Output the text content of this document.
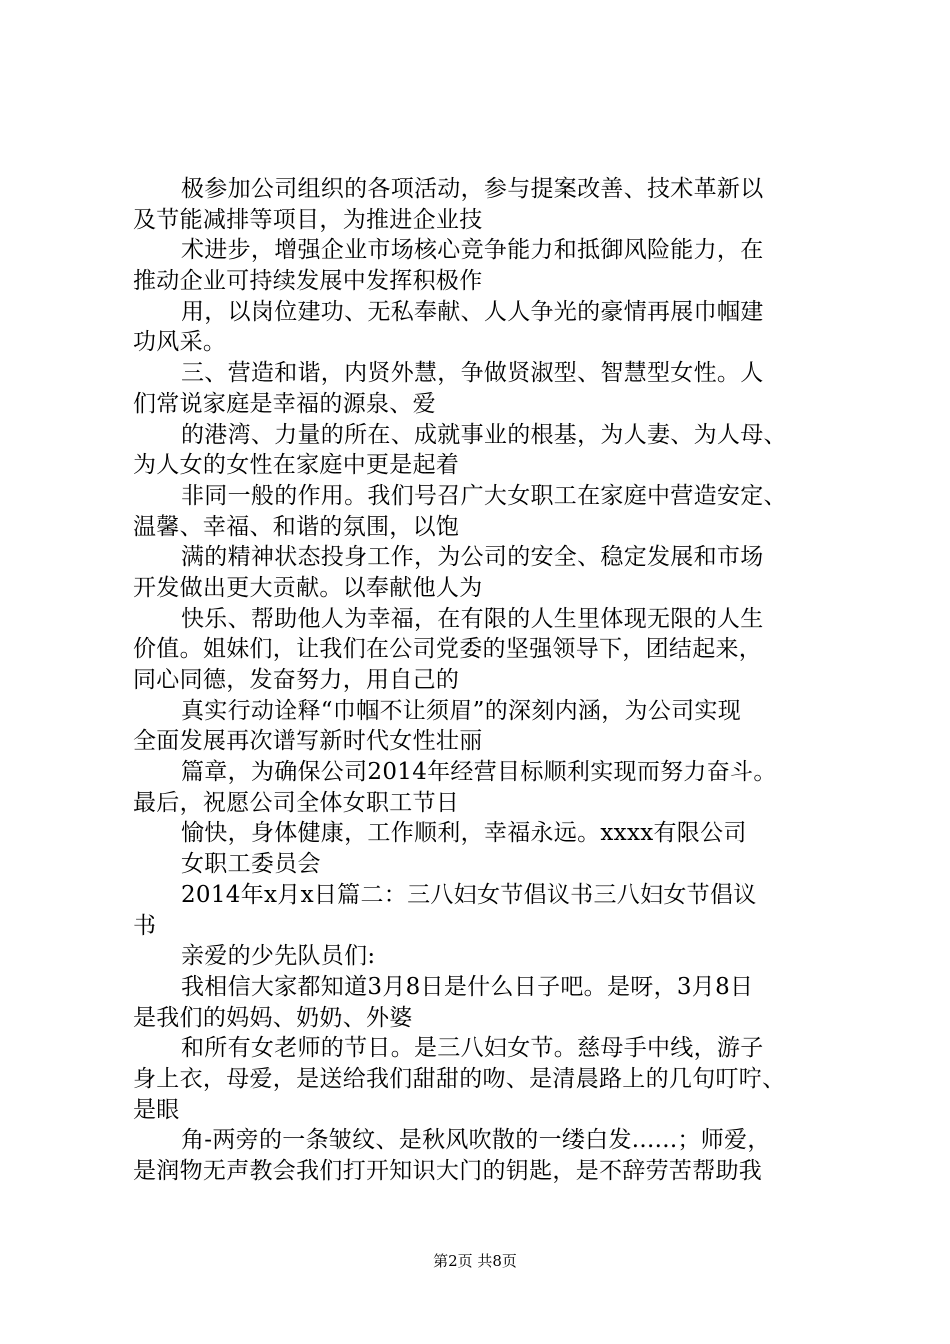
极参加公司组织的各项活动，参与提案改善、技术革新以
及节能减排等项目，为推进企业技
术进步，增强企业市场核心竞争能力和抵御风险能力，在
推动企业可持续发展中发挥积极作
用，以岗位建功、无私奉献、人人争光的豪情再展巾帼建
功风采。
三、营造和谐，内贤外慧，争做贤淑型、智慧型女性。人
们常说家庭是幸福的源泉、爱
的港湾、力量的所在、成就事业的根基，为人妻、为人母、
为人女的女性在家庭中更是起着
非同一般的作用。我们号召广大女职工在家庭中营造安定、
温馨、幸福、和谐的氛围，以饱
满的精神状态投身工作，为公司的安全、稳定发展和市场
开发做出更大贡献。以奉献他人为
快乐、帮助他人为幸福，在有限的人生里体现无限的人生
价值。姐妹们，让我们在公司党委的坚强领导下，团结起来，
同心同德，发奋努力，用自己的
真实行动诠释“巾帼不让须眉”的深刻内涵，为公司实现
全面发展再次谱写新时代女性壮丽
篇章，为确保公司2014年经营目标顺利实现而努力奋斗。
最后，祝愿公司全体女职工节日
愉快，身体健康，工作顺利，幸福永远。xxxx有限公司
女职工委员会
2014年x月x日篇二：三八妇女节倡议书三八妇女节倡议
书
亲爱的少先队员们:
我相信大家都知道3月8日是什么日子吧。是呀，3月8日
是我们的妈妈、奶奶、外婆
和所有女老师的节日。是三八妇女节。慈母手中线，游子
身上衣，母爱，是送给我们甜甜的吻、是清晨路上的几句叮咛、
是眼
角-两旁的一条皱纹、是秋风吹散的一缕白发......；师爱，
是润物无声教会我们打开知识大门的钥匙，是不辞劳苦帮助我
第2页 共8页
